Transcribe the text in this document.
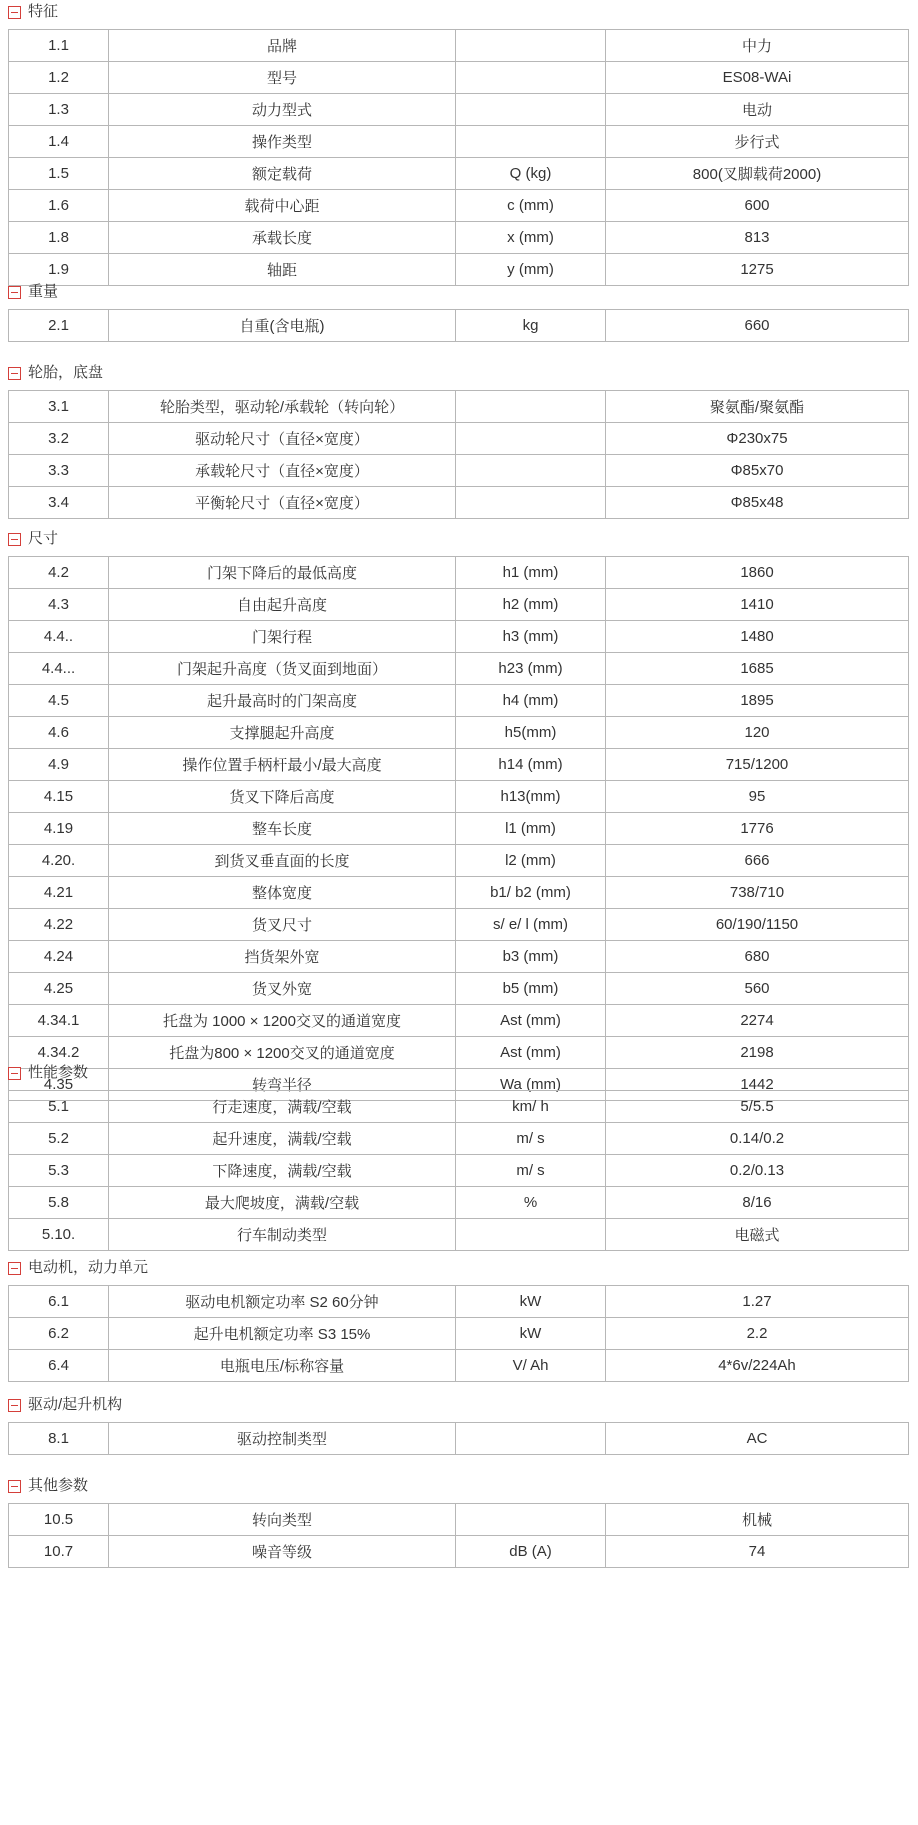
特征
1.1	品牌		中力
1.2	型号		ES08-WAi
1.3	动力型式		电动
1.4	操作类型		步行式
1.5	额定载荷	Q (kg)	800(叉脚载荷2000)
1.6	载荷中心距	c (mm)	600
1.8	承载长度	x (mm)	813
1.9	轴距	y (mm)	1275
重量
2.1	自重(含电瓶)	kg	660
轮胎，底盘
3.1	轮胎类型，驱动轮/承载轮（转向轮）		聚氨酯/聚氨酯
3.2	驱动轮尺寸（直径×宽度）		Φ230x75
3.3	承载轮尺寸（直径×宽度）		Φ85x70
3.4	平衡轮尺寸（直径×宽度）		Φ85x48
尺寸
4.2	门架下降后的最低高度	h1 (mm)	1860
4.3	自由起升高度	h2 (mm)	1410
4.4..	门架行程	h3 (mm)	1480
4.4...	门架起升高度（货叉面到地面）	h23 (mm)	1685
4.5	起升最高时的门架高度	h4 (mm)	1895
4.6	支撑腿起升高度	h5(mm)	120
4.9	操作位置手柄杆最小/最大高度	h14 (mm)	715/1200
4.15	货叉下降后高度	h13(mm)	95
4.19	整车长度	l1 (mm)	1776
4.20.	到货叉垂直面的长度	l2 (mm)	666
4.21	整体宽度	b1/ b2 (mm)	738/710
4.22	货叉尺寸	s/ e/ l (mm)	60/190/1150
4.24	挡货架外宽	b3 (mm)	680
4.25	货叉外宽	b5 (mm)	560
4.34.1	托盘为 1000 × 1200交叉的通道宽度	Ast (mm)	2274
4.34.2	托盘为800 × 1200交叉的通道宽度	Ast (mm)	2198
4.35	转弯半径	Wa (mm)	1442
性能参数
5.1	行走速度，满载/空载	km/ h	5/5.5
5.2	起升速度，满载/空载	m/ s	0.14/0.2
5.3	下降速度，满载/空载	m/ s	0.2/0.13
5.8	最大爬坡度，满载/空载	%	8/16
5.10.	行车制动类型		电磁式
电动机，动力单元
6.1	驱动电机额定功率 S2 60分钟	kW	1.27
6.2	起升电机额定功率 S3 15%	kW	2.2
6.4	电瓶电压/标称容量	V/ Ah	4*6v/224Ah
驱动/起升机构
8.1	驱动控制类型		AC
其他参数
10.5	转向类型		机械
10.7	噪音等级	dB (A)	74
